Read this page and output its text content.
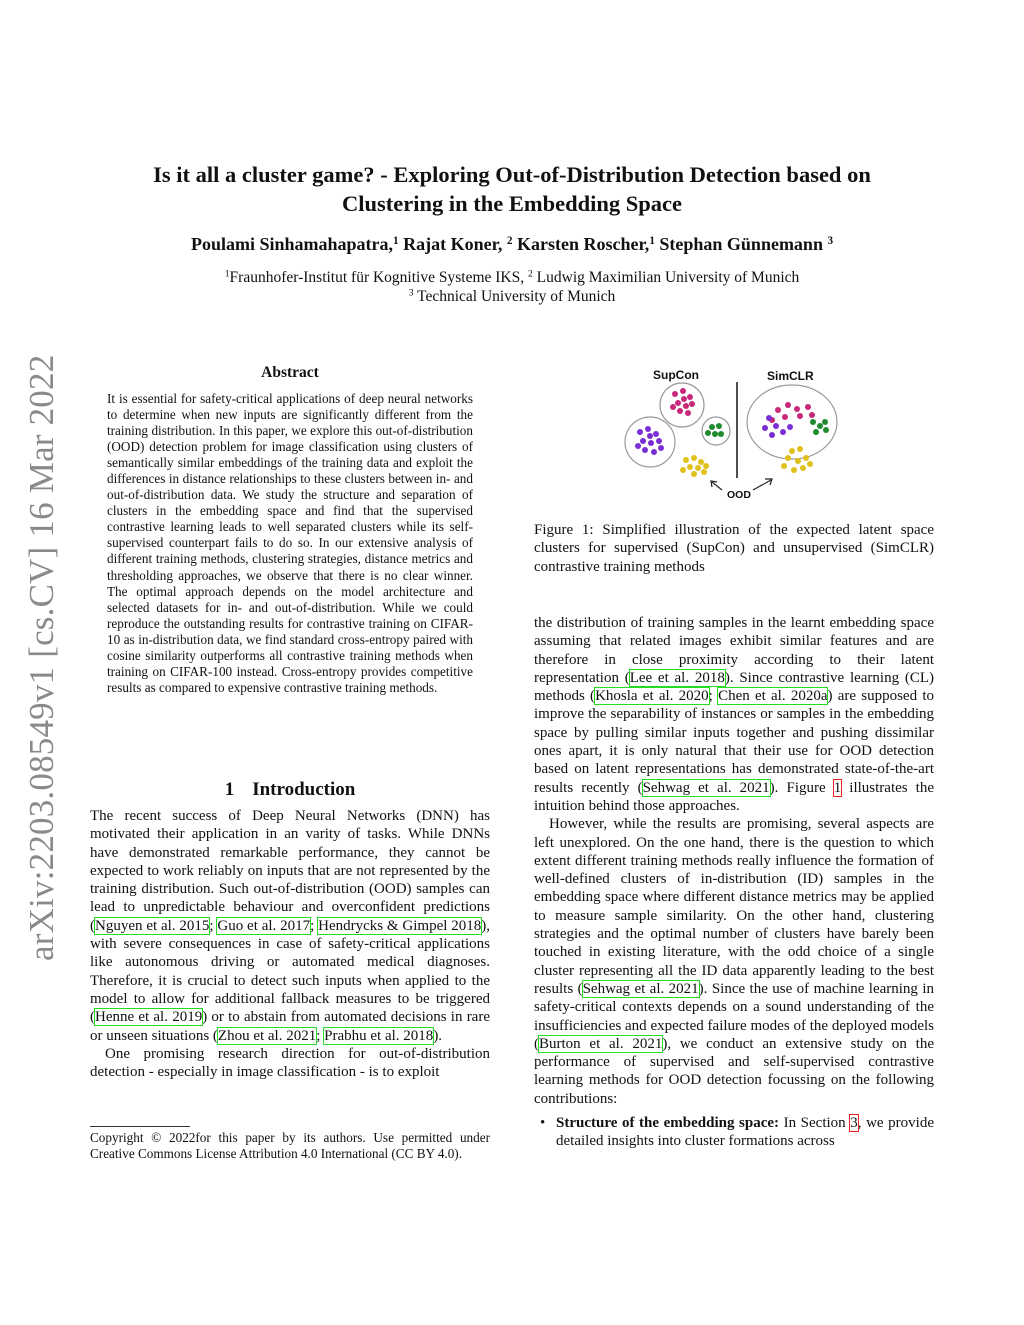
arXiv:2203.08549v1 [cs.CV] 16 Mar 2022
Is it all a cluster game? - Exploring Out-of-Distribution Detection based on Clustering in the Embedding Space
Poulami Sinhamahapatra,$^1$ Rajat Koner, $^2$ Karsten Roscher,$^1$ Stephan Günnemann $^3$
$^1$Fraunhofer-Institut für Kognitive Systeme IKS, $^2$ Ludwig Maximilian University of Munich
$^3$ Technical University of Munich
Abstract
It is essential for safety-critical applications of deep neural networks to determine when new inputs are significantly different from the training distribution. In this paper, we explore this out-of-distribution (OOD) detection problem for image classification using clusters of semantically similar embeddings of the training data and exploit the differences in distance relationships to these clusters between in- and out-of-distribution data. We study the structure and separation of clusters in the embedding space and find that the supervised contrastive learning leads to well separated clusters while its self-supervised counterpart fails to do so. In our extensive analysis of different training methods, clustering strategies, distance metrics and thresholding approaches, we observe that there is no clear winner. The optimal approach depends on the model architecture and selected datasets for in- and out-of-distribution. While we could reproduce the outstanding results for contrastive training on CIFAR-10 as in-distribution data, we find standard cross-entropy paired with cosine similarity outperforms all contrastive training methods when training on CIFAR-100 instead. Cross-entropy provides competitive results as compared to expensive contrastive training methods.
1 Introduction

The recent success of Deep Neural Networks (DNN) has motivated their application in an varity of tasks. While DNNs have demonstrated remarkable performance, they cannot be expected to work reliably on inputs that are not represented by the training distribution. Such out-of-distribution (OOD) samples can lead to unpredictable behaviour and overconfident predictions (Nguyen et al. 2015; Guo et al. 2017; Hendrycks & Gimpel 2018), with severe consequences in case of safety-critical applications like autonomous driving or automated medical diagnoses. Therefore, it is crucial to detect such inputs when applied to the model to allow for additional fallback measures to be triggered (Henne et al. 2019) or to abstain from automated decisions in rare or unseen situations (Zhou et al. 2021; Prabhu et al. 2018).

One promising research direction for out-of-distribution detection - especially in image classification - is to exploit

Copyright © 2022for this paper by its authors. Use permitted under Creative Commons License Attribution 4.0 International (CC BY 4.0).
SupCon	SimCLR
OOD
Figure 1: Simplified illustration of the expected latent space clusters for supervised (SupCon) and unsupervised (SimCLR) contrastive training methods

the distribution of training samples in the learnt embedding space assuming that related images exhibit similar features and are therefore in close proximity according to their latent representation (Lee et al. 2018). Since contrastive learning (CL) methods (Khosla et al. 2020; Chen et al. 2020a) are supposed to improve the separability of instances or samples in the embedding space by pulling similar inputs together and pushing dissimilar ones apart, it is only natural that their use for OOD detection based on latent representations has demonstrated state-of-the-art results recently (Sehwag et al. 2021). Figure 1 illustrates the intuition behind those approaches.

However, while the results are promising, several aspects are left unexplored. On the one hand, there is the question to which extent different training methods really influence the formation of well-defined clusters of in-distribution (ID) samples in the embedding space where different distance metrics may be applied to measure sample similarity. On the other hand, clustering strategies and the optimal number of clusters have barely been touched in existing literature, with the odd choice of a single cluster representing all the ID data apparently leading to the best results (Sehwag et al. 2021). Since the use of machine learning in safety-critical contexts depends on a sound understanding of the insufficiencies and expected failure modes of the deployed models (Burton et al. 2021), we conduct an extensive study on the performance of supervised and self-supervised contrastive learning methods for OOD detection focussing on the following contributions:

• Structure of the embedding space: In Section 3, we provide detailed insights into cluster formations across
